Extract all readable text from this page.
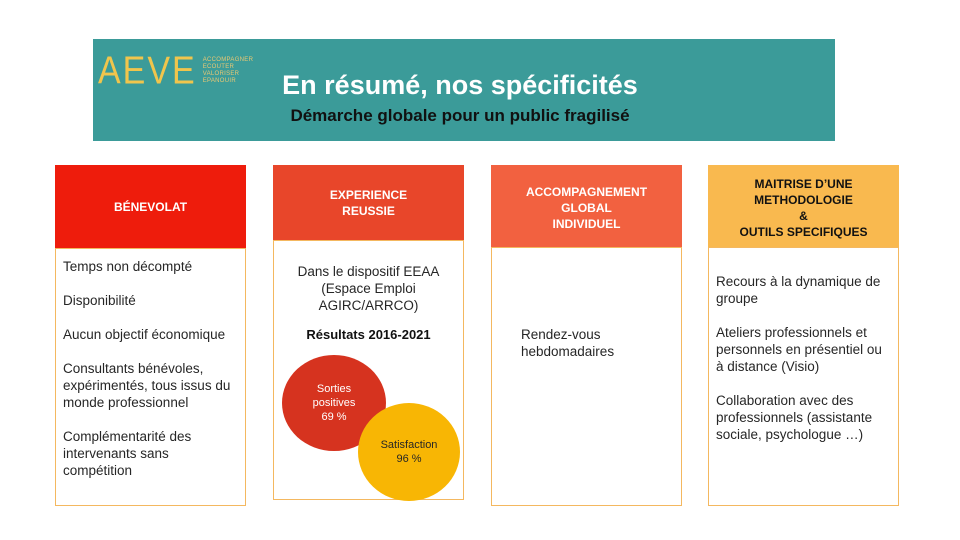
AEVE ACCOMPAGNER
ECOUTER
VALORISER
EPANOUIR	En résumé, nos spécificités
Démarche globale pour un public fragilisé
BÉNEVOLAT

Temps non décompté

Disponibilité

Aucun objectif économique

Consultants bénévoles, expérimentés, tous issus du monde professionnel

Complémentarité des intervenants sans compétition

EXPERIENCE
REUSSIE
Dans le dispositif EEAA
(Espace Emploi
AGIRC/ARRCO)
Résultats 2016-2021
Sorties positives
69 %
Satisfaction
96 %
ACCOMPAGNEMENT
GLOBAL
INDIVIDUEL

Rendez-vous hebdomadaires

MAITRISE D’UNE
METHODOLOGIE
&
OUTILS SPECIFIQUES

Recours à la dynamique de groupe

Ateliers professionnels et personnels en présentiel ou à distance (Visio)

Collaboration avec des professionnels (assistante sociale, psychologue …)
